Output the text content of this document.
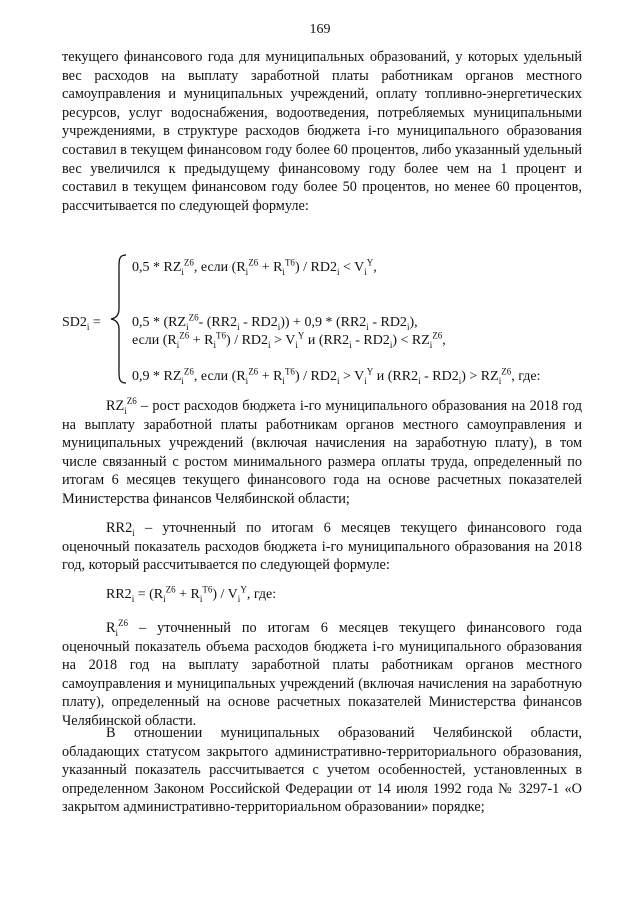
169

текущего финансового года для муниципальных образований, у которых удельный вес расходов на выплату заработной платы работникам органов местного самоуправления и муниципальных учреждений, оплату топливно-энергетических ресурсов, услуг водоснабжения, водоотведения, потребляемых муниципальными учреждениями, в структуре расходов бюджета i-го муниципального образования составил в текущем финансовом году более 60 процентов, либо указанный удельный вес увеличился к предыдущему финансовому году более чем на 1 процент и составил в текущем финансовом году более 50 процентов, но менее 60 процентов, рассчитывается по следующей формуле:

$SD2_i$ =
$0,5 * RZ_i^{Z6}$, если $(R_i^{Z6} + R_i^{T6}) / RD2_i < V_i^Y$,
$0,5 * (RZ_i^{Z6}-$ $(RR2_i - RD2_i)) + 0,9 * (RR2_i - RD2_i)$,
если $(R_i^{Z6} + R_i^{T6}) / RD2_i > V_i^Y$ и $(RR2_i - RD2_i) < RZ_i^{Z6}$,
$0,9 * RZ_i^{Z6}$, если $(R_i^{Z6} + R_i^{T6}) / RD2_i > V_i^Y$ и $(RR2_i - RD2_i) > RZ_i^{Z6}$, где:

$RZ_i^{Z6}$ – рост расходов бюджета i-го муниципального образования на 2018 год на выплату заработной платы работникам органов местного самоуправления и муниципальных учреждений (включая начисления на заработную плату), в том числе связанный с ростом минимального размера оплаты труда, определенный по итогам 6 месяцев текущего финансового года на основе расчетных показателей Министерства финансов Челябинской области;

$RR2_i$ – уточненный по итогам 6 месяцев текущего финансового года оценочный показатель расходов бюджета i-го муниципального образования на 2018 год, который рассчитывается по следующей формуле:

$RR2_i = (R_i^{Z6} + R_i^{T6}) / V_i^Y$, где:

$R_i^{Z6}$ – уточненный по итогам 6 месяцев текущего финансового года оценочный показатель объема расходов бюджета i-го муниципального образования на 2018 год на выплату заработной платы работникам органов местного самоуправления и муниципальных учреждений (включая начисления на заработную плату), определенный на основе расчетных показателей Министерства финансов Челябинской области.

В отношении муниципальных образований Челябинской области, обладающих статусом закрытого административно-территориального образования, указанный показатель рассчитывается с учетом особенностей, установленных в определенном Законом Российской Федерации от 14 июля 1992 года № 3297-1 «О закрытом административно-территориальном образовании» порядке;
